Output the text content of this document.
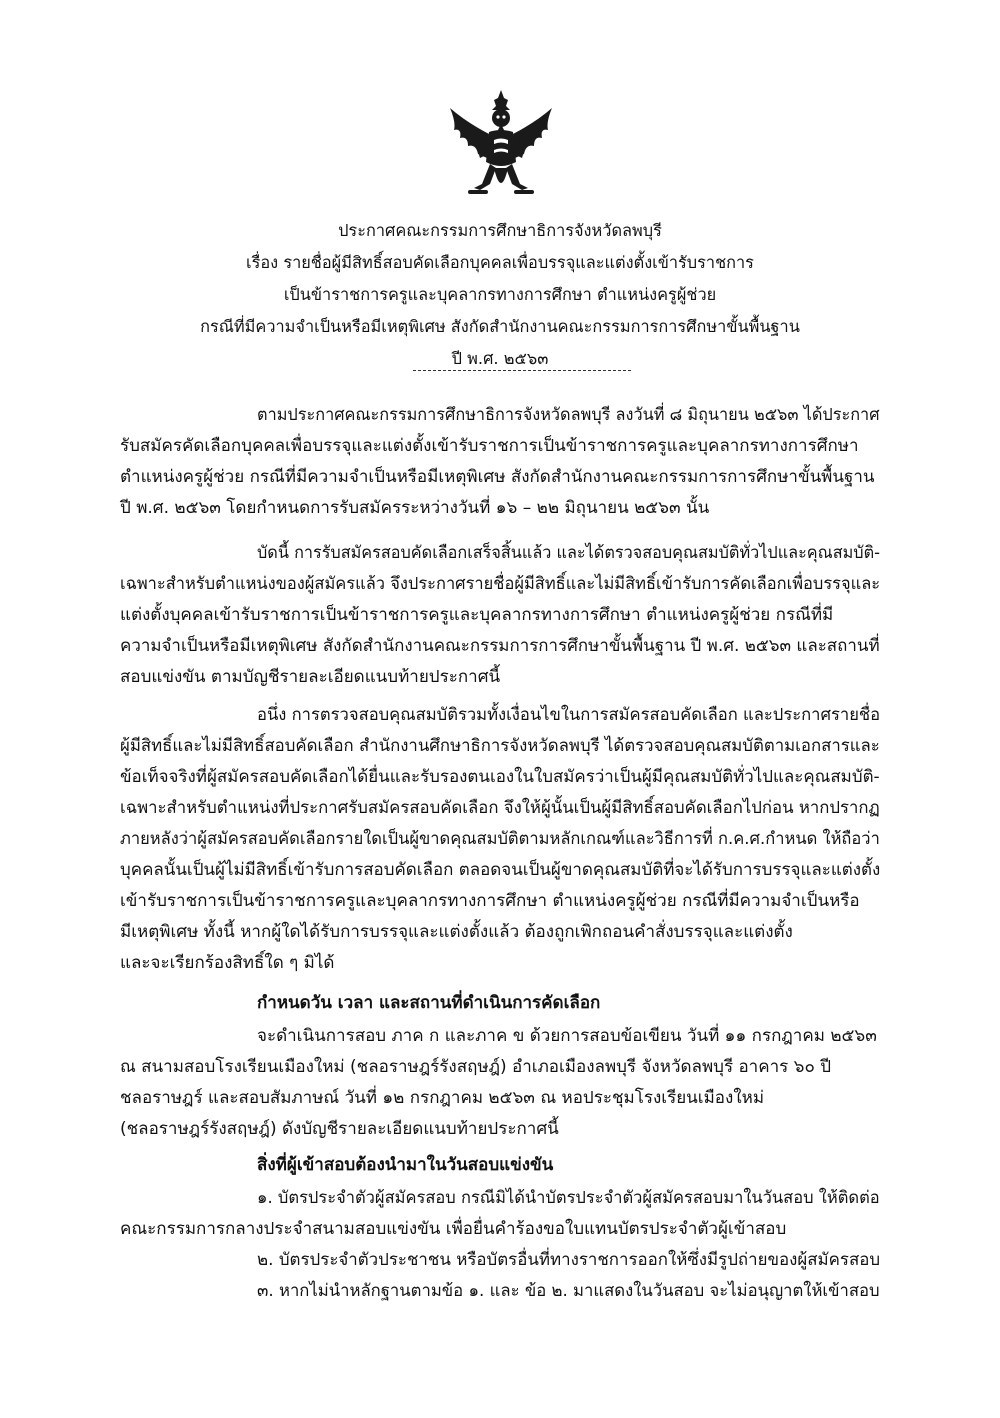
ประกาศคณะกรรมการศึกษาธิการจังหวัดลพบุรี
เรื่อง รายชื่อผู้มีสิทธิ์สอบคัดเลือกบุคคลเพื่อบรรจุและแต่งตั้งเข้ารับราชการ
เป็นข้าราชการครูและบุคลากรทางการศึกษา ตำแหน่งครูผู้ช่วย
กรณีที่มีความจำเป็นหรือมีเหตุพิเศษ สังกัดสำนักงานคณะกรรมการการศึกษาขั้นพื้นฐาน
ปี พ.ศ. ๒๕๖๓
ตามประกาศคณะกรรมการศึกษาธิการจังหวัดลพบุรี ลงวันที่ ๘ มิถุนายน ๒๕๖๓ ได้ประกาศ
รับสมัครคัดเลือกบุคคลเพื่อบรรจุและแต่งตั้งเข้ารับราชการเป็นข้าราชการครูและบุคลากรทางการศึกษา
ตำแหน่งครูผู้ช่วย กรณีที่มีความจำเป็นหรือมีเหตุพิเศษ สังกัดสำนักงานคณะกรรมการการศึกษาขั้นพื้นฐาน
ปี พ.ศ. ๒๕๖๓ โดยกำหนดการรับสมัครระหว่างวันที่ ๑๖ – ๒๒ มิถุนายน ๒๕๖๓ นั้น
บัดนี้ การรับสมัครสอบคัดเลือกเสร็จสิ้นแล้ว และได้ตรวจสอบคุณสมบัติทั่วไปและคุณสมบัติ-
เฉพาะสำหรับตำแหน่งของผู้สมัครแล้ว จึงประกาศรายชื่อผู้มีสิทธิ์และไม่มีสิทธิ์เข้ารับการคัดเลือกเพื่อบรรจุและ
แต่งตั้งบุคคลเข้ารับราชการเป็นข้าราชการครูและบุคลากรทางการศึกษา ตำแหน่งครูผู้ช่วย กรณีที่มี
ความจำเป็นหรือมีเหตุพิเศษ สังกัดสำนักงานคณะกรรมการการศึกษาขั้นพื้นฐาน ปี พ.ศ. ๒๕๖๓ และสถานที่
สอบแข่งขัน ตามบัญชีรายละเอียดแนบท้ายประกาศนี้
อนึ่ง การตรวจสอบคุณสมบัติรวมทั้งเงื่อนไขในการสมัครสอบคัดเลือก และประกาศรายชื่อ
ผู้มีสิทธิ์และไม่มีสิทธิ์สอบคัดเลือก สำนักงานศึกษาธิการจังหวัดลพบุรี ได้ตรวจสอบคุณสมบัติตามเอกสารและ
ข้อเท็จจริงที่ผู้สมัครสอบคัดเลือกได้ยื่นและรับรองตนเองในใบสมัครว่าเป็นผู้มีคุณสมบัติทั่วไปและคุณสมบัติ-
เฉพาะสำหรับตำแหน่งที่ประกาศรับสมัครสอบคัดเลือก จึงให้ผู้นั้นเป็นผู้มีสิทธิ์สอบคัดเลือกไปก่อน หากปรากฏ
ภายหลังว่าผู้สมัครสอบคัดเลือกรายใดเป็นผู้ขาดคุณสมบัติตามหลักเกณฑ์และวิธีการที่ ก.ค.ศ.กำหนด ให้ถือว่า
บุคคลนั้นเป็นผู้ไม่มีสิทธิ์เข้ารับการสอบคัดเลือก ตลอดจนเป็นผู้ขาดคุณสมบัติที่จะได้รับการบรรจุและแต่งตั้ง
เข้ารับราชการเป็นข้าราชการครูและบุคลากรทางการศึกษา ตำแหน่งครูผู้ช่วย กรณีที่มีความจำเป็นหรือ
มีเหตุพิเศษ ทั้งนี้ หากผู้ใดได้รับการบรรจุและแต่งตั้งแล้ว ต้องถูกเพิกถอนคำสั่งบรรจุและแต่งตั้ง
และจะเรียกร้องสิทธิ์ใด ๆ มิได้
กำหนดวัน เวลา และสถานที่ดำเนินการคัดเลือก
จะดำเนินการสอบ ภาค ก และภาค ข ด้วยการสอบข้อเขียน วันที่ ๑๑ กรกฎาคม ๒๕๖๓
ณ สนามสอบโรงเรียนเมืองใหม่ (ชลอราษฎร์รังสฤษฎ์) อำเภอเมืองลพบุรี จังหวัดลพบุรี อาคาร ๖๐ ปี
ชลอราษฎร์ และสอบสัมภาษณ์ วันที่ ๑๒ กรกฎาคม ๒๕๖๓ ณ หอประชุมโรงเรียนเมืองใหม่
(ชลอราษฎร์รังสฤษฎ์) ดังบัญชีรายละเอียดแนบท้ายประกาศนี้
สิ่งที่ผู้เข้าสอบต้องนำมาในวันสอบแข่งขัน
๑. บัตรประจำตัวผู้สมัครสอบ กรณีมิได้นำบัตรประจำตัวผู้สมัครสอบมาในวันสอบ ให้ติดต่อ
คณะกรรมการกลางประจำสนามสอบแข่งขัน เพื่อยื่นคำร้องขอใบแทนบัตรประจำตัวผู้เข้าสอบ
๒. บัตรประจำตัวประชาชน หรือบัตรอื่นที่ทางราชการออกให้ซึ่งมีรูปถ่ายของผู้สมัครสอบ
๓. หากไม่นำหลักฐานตามข้อ ๑. และ ข้อ ๒. มาแสดงในวันสอบ จะไม่อนุญาตให้เข้าสอบ
